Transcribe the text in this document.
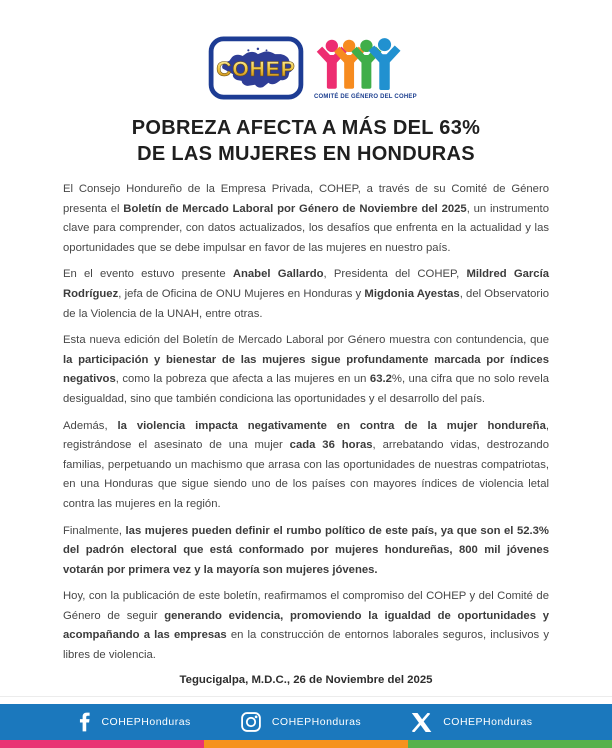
COHEP
COMITÉ DE GÉNERO DEL COHEP
POBREZA AFECTA A MÁS DEL 63%
DE LAS MUJERES EN HONDURAS

El Consejo Hondureño de la Empresa Privada, COHEP, a través de su Comité de Género presenta el Boletín de Mercado Laboral por Género de Noviembre del 2025, un instrumento clave para comprender, con datos actualizados, los desafíos que enfrenta en la actualidad y las oportunidades que se debe impulsar en favor de las mujeres en nuestro país.

En el evento estuvo presente Anabel Gallardo, Presidenta del COHEP, Mildred García Rodríguez, jefa de Oficina de ONU Mujeres en Honduras y Migdonia Ayestas, del Observatorio de la Violencia de la UNAH, entre otras.

Esta nueva edición del Boletín de Mercado Laboral por Género muestra con contundencia, que la participación y bienestar de las mujeres sigue profundamente marcada por índices negativos, como la pobreza que afecta a las mujeres en un 63.2%, una cifra que no solo revela desigualdad, sino que también condiciona las oportunidades y el desarrollo del país.

Además, la violencia impacta negativamente en contra de la mujer hondureña, registrándose el asesinato de una mujer cada 36 horas, arrebatando vidas, destrozando familias, perpetuando un machismo que arrasa con las oportunidades de nuestras compatriotas, en una Honduras que sigue siendo uno de los países con mayores índices de violencia letal contra las mujeres en la región.

Finalmente, las mujeres pueden definir el rumbo político de este país, ya que son el 52.3% del padrón electoral que está conformado por mujeres hondureñas, 800 mil jóvenes votarán por primera vez y la mayoría son mujeres jóvenes.

Hoy, con la publicación de este boletín, reafirmamos el compromiso del COHEP y del Comité de Género de seguir generando evidencia, promoviendo la igualdad de oportunidades y acompañando a las empresas en la construcción de entornos laborales seguros, inclusivos y libres de violencia.

Tegucigalpa, M.D.C., 26 de Noviembre del 2025
COHEPHonduras	COHEPHonduras	COHEPHonduras
